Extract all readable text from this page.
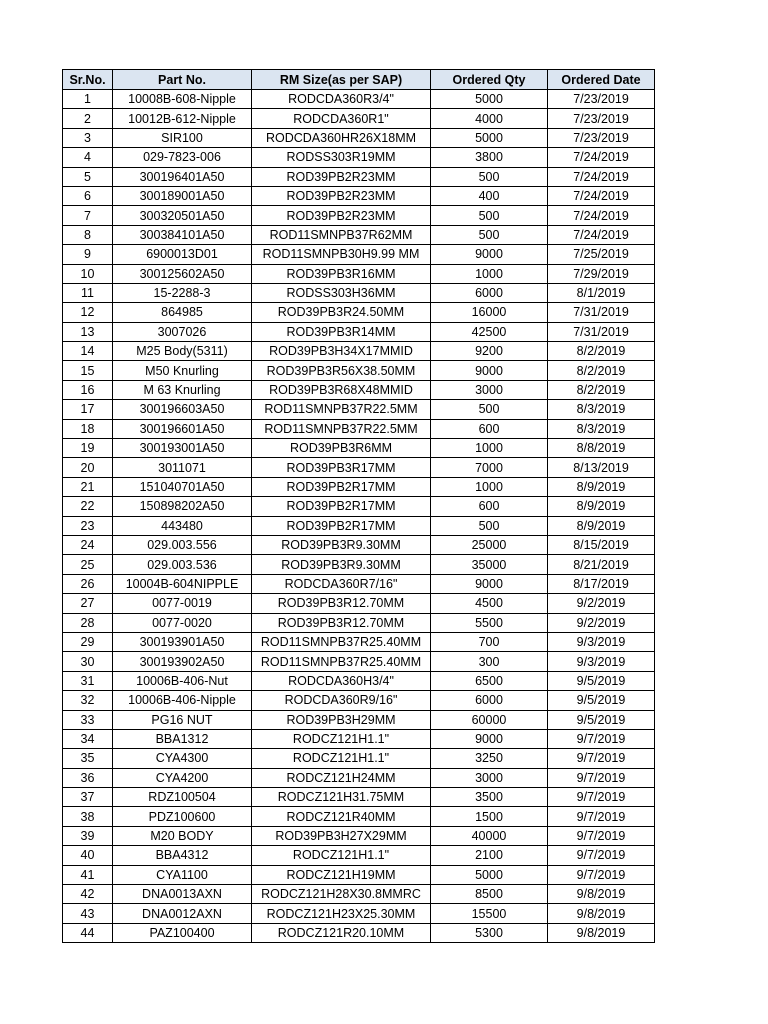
Sr.No.	Part No.	RM Size(as per SAP)	Ordered Qty	Ordered Date
1	10008B-608-Nipple	RODCDA360R3/4"	5000	7/23/2019
2	10012B-612-Nipple	RODCDA360R1"	4000	7/23/2019
3	SIR100	RODCDA360HR26X18MM	5000	7/23/2019
4	029-7823-006	RODSS303R19MM	3800	7/24/2019
5	300196401A50	ROD39PB2R23MM	500	7/24/2019
6	300189001A50	ROD39PB2R23MM	400	7/24/2019
7	300320501A50	ROD39PB2R23MM	500	7/24/2019
8	300384101A50	ROD11SMNPB37R62MM	500	7/24/2019
9	6900013D01	ROD11SMNPB30H9.99 MM	9000	7/25/2019
10	300125602A50	ROD39PB3R16MM	1000	7/29/2019
11	15-2288-3	RODSS303H36MM	6000	8/1/2019
12	864985	ROD39PB3R24.50MM	16000	7/31/2019
13	3007026	ROD39PB3R14MM	42500	7/31/2019
14	M25 Body(5311)	ROD39PB3H34X17MMID	9200	8/2/2019
15	M50 Knurling	ROD39PB3R56X38.50MM	9000	8/2/2019
16	M 63 Knurling	ROD39PB3R68X48MMID	3000	8/2/2019
17	300196603A50	ROD11SMNPB37R22.5MM	500	8/3/2019
18	300196601A50	ROD11SMNPB37R22.5MM	600	8/3/2019
19	300193001A50	ROD39PB3R6MM	1000	8/8/2019
20	3011071	ROD39PB3R17MM	7000	8/13/2019
21	151040701A50	ROD39PB2R17MM	1000	8/9/2019
22	150898202A50	ROD39PB2R17MM	600	8/9/2019
23	443480	ROD39PB2R17MM	500	8/9/2019
24	029.003.556	ROD39PB3R9.30MM	25000	8/15/2019
25	029.003.536	ROD39PB3R9.30MM	35000	8/21/2019
26	10004B-604NIPPLE	RODCDA360R7/16"	9000	8/17/2019
27	0077-0019	ROD39PB3R12.70MM	4500	9/2/2019
28	0077-0020	ROD39PB3R12.70MM	5500	9/2/2019
29	300193901A50	ROD11SMNPB37R25.40MM	700	9/3/2019
30	300193902A50	ROD11SMNPB37R25.40MM	300	9/3/2019
31	10006B-406-Nut	RODCDA360H3/4"	6500	9/5/2019
32	10006B-406-Nipple	RODCDA360R9/16"	6000	9/5/2019
33	PG16 NUT	ROD39PB3H29MM	60000	9/5/2019
34	BBA1312	RODCZ121H1.1"	9000	9/7/2019
35	CYA4300	RODCZ121H1.1"	3250	9/7/2019
36	CYA4200	RODCZ121H24MM	3000	9/7/2019
37	RDZ100504	RODCZ121H31.75MM	3500	9/7/2019
38	PDZ100600	RODCZ121R40MM	1500	9/7/2019
39	M20 BODY	ROD39PB3H27X29MM	40000	9/7/2019
40	BBA4312	RODCZ121H1.1"	2100	9/7/2019
41	CYA1100	RODCZ121H19MM	5000	9/7/2019
42	DNA0013AXN	RODCZ121H28X30.8MMRC	8500	9/8/2019
43	DNA0012AXN	RODCZ121H23X25.30MM	15500	9/8/2019
44	PAZ100400	RODCZ121R20.10MM	5300	9/8/2019
